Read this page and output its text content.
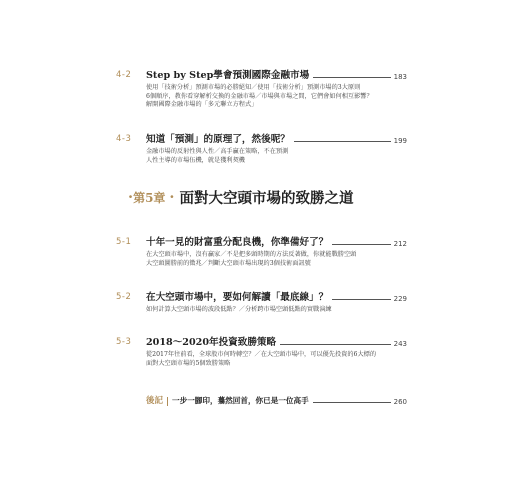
4-2	Step by Step學會預測國際金融市場	183
使用「技術分析」預測市場的必勝絕知／使用「技術分析」預測市場的3大原則
6個順序，教你看穿解析交換的金融市場／市場與市場之間，它們會如何相互影響？
解開國際金融市場的「多元聯立方程式」
4-3	知道「預測」的原理了，然後呢？	199
金融市場的反射性與人性／高手贏在策略，不在預測
人性主導的市場伍機，就是獲利契機
· 第5章 · 面對大空頭市場的致勝之道
5-1	十年一見的財富重分配良機，你準備好了？	212
在大空頭市場中，沒有贏家／不是把多頭時期的方法反著做，你就能戰勝空頭
大空頭圖勝前的徵兆／判斷大空頭市場出現的3個技術面訊號
5-2	在大空頭市場中，要如何解讀「最底線」？	229
如何計算大空頭市場的波段低點？／分析跨市場空頭低點的實戰演練
5-3	2018～2020年投資致勝策略	243
從2017年往前看，全球股市何時轉空？／在大空頭市場中，可以優先投資的6大標的
面對大空頭市場的5個致勝策略
後記 一步一腳印，驀然回首，你已是一位高手	260
